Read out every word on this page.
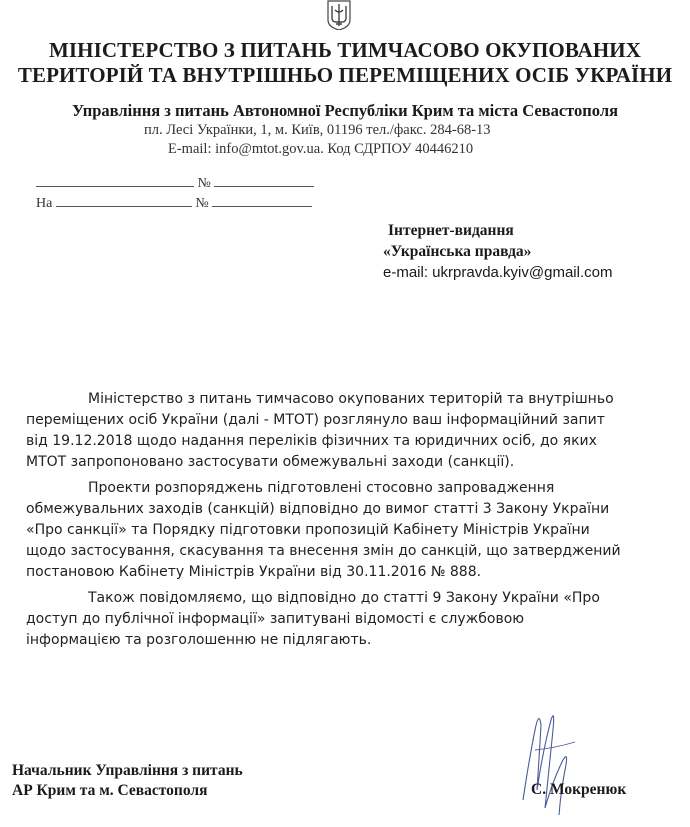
МІНІСТЕРСТВО З ПИТАНЬ ТИМЧАСОВО ОКУПОВАНИХ
ТЕРИТОРІЙ ТА ВНУТРІШНЬО ПЕРЕМІЩЕНИХ ОСІБ УКРАЇНИ
Управління з питань Автономної Республіки Крим та міста Севастополя
пл. Лесі Українки, 1, м. Київ, 01196 тел./факс. 284-68-13
E-mail: info@mtot.gov.ua. Код СДРПОУ 40446210
№
На	№
Інтернет-видання
«Українська правда»
e-mail: ukrpravda.kyiv@gmail.com
Міністерство з питань тимчасово окупованих територій та внутрішньо
переміщених осіб України (далі - МТОТ) розглянуло ваш інформаційний запит
від 19.12.2018 щодо надання переліків фізичних та юридичних осіб, до яких
МТОТ запропоновано застосувати обмежувальні заходи (санкції).
Проекти розпоряджень підготовлені стосовно запровадження
обмежувальних заходів (санкцій) відповідно до вимог статті 3 Закону України
«Про санкції» та Порядку підготовки пропозицій Кабінету Міністрів України
щодо застосування, скасування та внесення змін до санкцій, що затверджений
постановою Кабінету Міністрів України від 30.11.2016 № 888.
Також повідомляємо, що відповідно до статті 9 Закону України «Про
доступ до публічної інформації» запитувані відомості є службовою
інформацією та розголошенню не підлягають.
Начальник Управління з питань
АР Крим та м. Севастополя	С. Мокренюк
